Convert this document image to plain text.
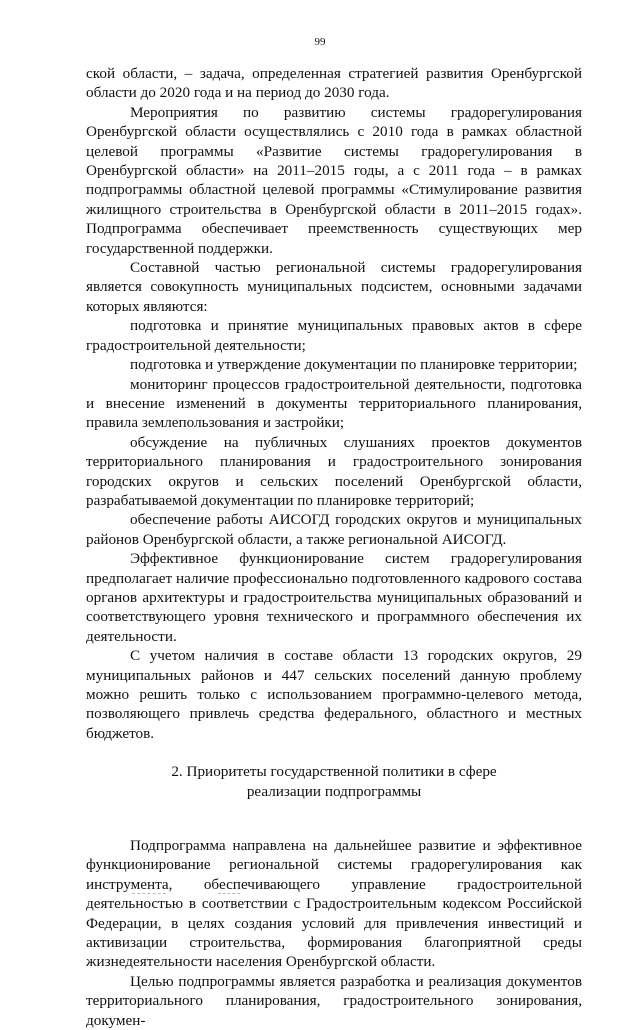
99

ской области, – задача, определенная стратегией развития Оренбургской области до 2020 года и на период до 2030 года.

Мероприятия по развитию системы градорегулирования Оренбургской области осуществлялись с 2010 года в рамках областной целевой программы «Развитие системы градорегулирования в Оренбургской области» на 2011–2015 годы, а с 2011 года – в рамках подпрограммы областной целевой программы «Стимулирование развития жилищного строительства в Оренбургской области в 2011–2015 годах». Подпрограмма обеспечивает преемственность существующих мер государственной поддержки.

Составной частью региональной системы градорегулирования является совокупность муниципальных подсистем, основными задачами которых являются:

подготовка и принятие муниципальных правовых актов в сфере градостроительной деятельности;

подготовка и утверждение документации по планировке территории;

мониторинг процессов градостроительной деятельности, подготовка и внесение изменений в документы территориального планирования, правила землепользования и застройки;

обсуждение на публичных слушаниях проектов документов территориального планирования и градостроительного зонирования городских округов и сельских поселений Оренбургской области, разрабатываемой документации по планировке территорий;

обеспечение работы АИСОГД городских округов и муниципальных районов Оренбургской области, а также региональной АИСОГД.

Эффективное функционирование систем градорегулирования предполагает наличие профессионально подготовленного кадрового состава органов архитектуры и градостроительства муниципальных образований и соответствующего уровня технического и программного обеспечения их деятельности.

С учетом наличия в составе области 13 городских округов, 29 муниципальных районов и 447 сельских поселений данную проблему можно решить только с использованием программно-целевого метода, позволяющего привлечь средства федерального, областного и местных бюджетов.

2. Приоритеты государственной политики в сфере
реализации подпрограммы

Подпрограмма направлена на дальнейшее развитие и эффективное функционирование региональной системы градорегулирования как инструмента, обеспечивающего управление градостроительной деятельностью в соответствии с Градостроительным кодексом Российской Федерации, в целях создания условий для привлечения инвестиций и активизации строительства, формирования благоприятной среды жизнедеятельности населения Оренбургской области.

Целью подпрограммы является разработка и реализация документов территориального планирования, градостроительного зонирования, докумен-
